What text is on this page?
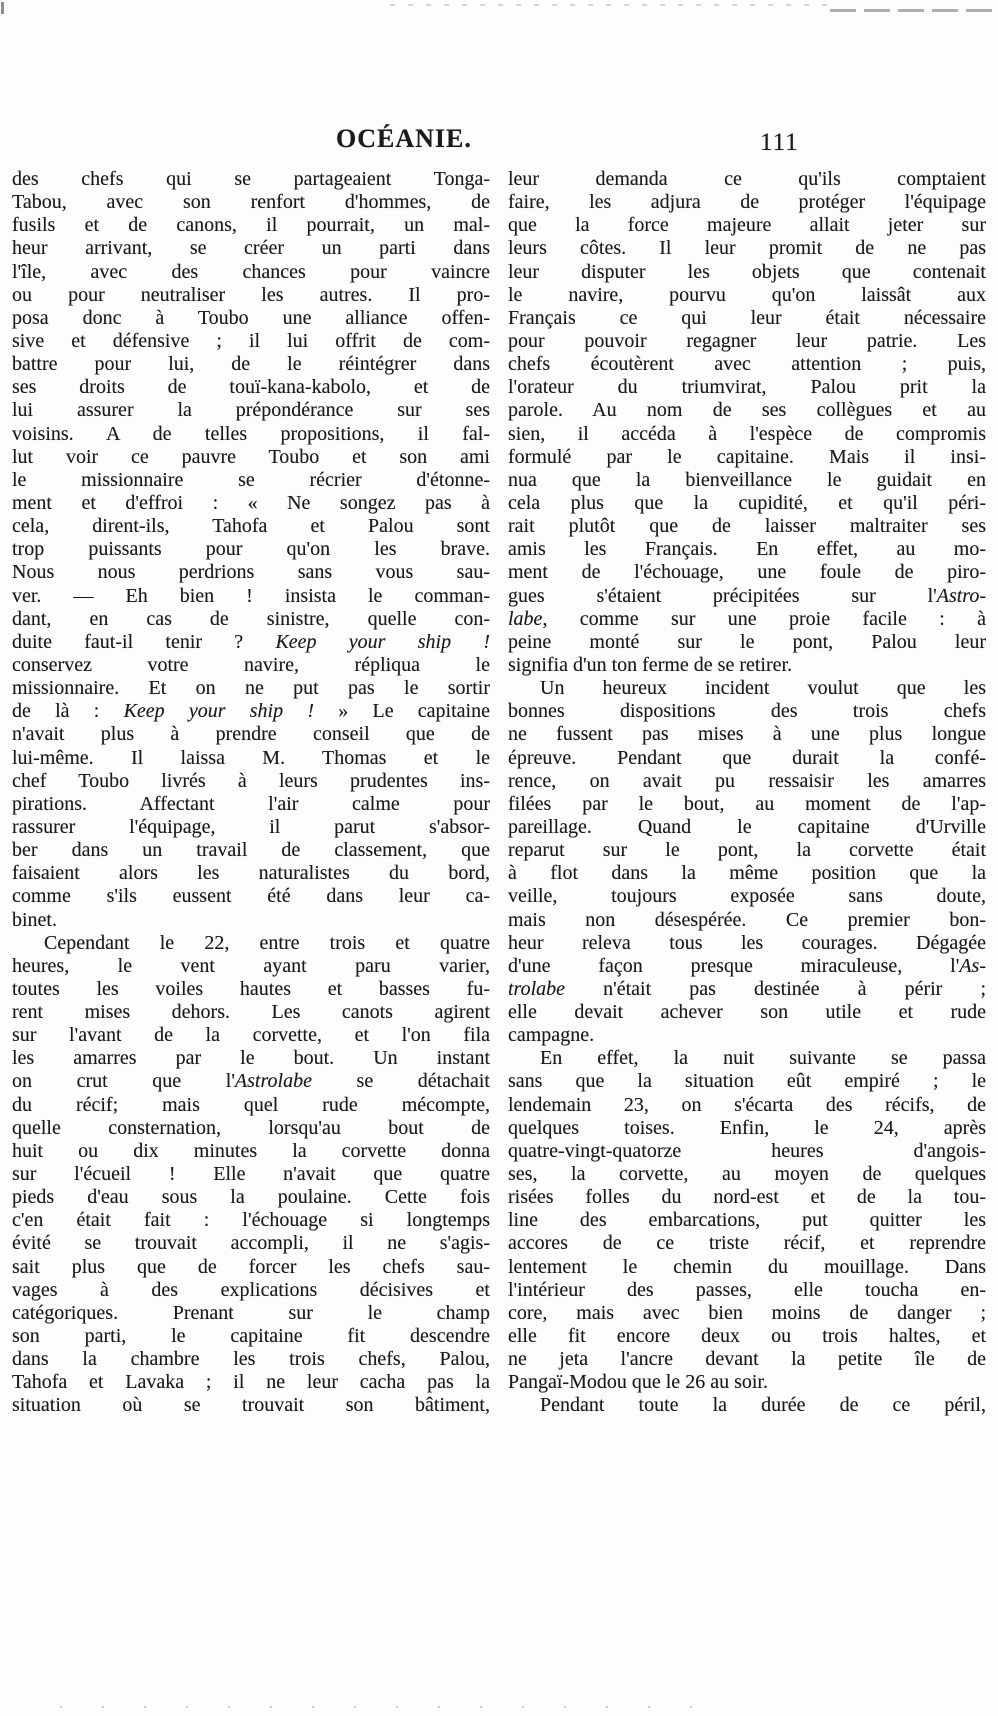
OCÉANIE.	111
des chefs qui se partageaient Tonga-
Tabou, avec son renfort d'hommes, de
fusils et de canons, il pourrait, un mal-
heur arrivant, se créer un parti dans
l'île, avec des chances pour vaincre
ou pour neutraliser les autres. Il pro-
posa donc à Toubo une alliance offen-
sive et défensive ; il lui offrit de com-
battre pour lui, de le réintégrer dans
ses droits de touï-kana-kabolo, et de
lui assurer la prépondérance sur ses
voisins. A de telles propositions, il fal-
lut voir ce pauvre Toubo et son ami
le missionnaire se récrier d'étonne-
ment et d'effroi : « Ne songez pas à
cela, dirent-ils, Tahofa et Palou sont
trop puissants pour qu'on les brave.
Nous nous perdrions sans vous sau-
ver. — Eh bien ! insista le comman-
dant, en cas de sinistre, quelle con-
duite faut-il tenir ? Keep your ship !
conservez votre navire, répliqua le
missionnaire. Et on ne put pas le sortir
de là : Keep your ship ! » Le capitaine
n'avait plus à prendre conseil que de
lui-même. Il laissa M. Thomas et le
chef Toubo livrés à leurs prudentes ins-
pirations. Affectant l'air calme pour
rassurer l'équipage, il parut s'absor-
ber dans un travail de classement, que
faisaient alors les naturalistes du bord,
comme s'ils eussent été dans leur ca-
binet.
Cependant le 22, entre trois et quatre
heures, le vent ayant paru varier,
toutes les voiles hautes et basses fu-
rent mises dehors. Les canots agirent
sur l'avant de la corvette, et l'on fila
les amarres par le bout. Un instant
on crut que l'Astrolabe se détachait
du récif; mais quel rude mécompte,
quelle consternation, lorsqu'au bout de
huit ou dix minutes la corvette donna
sur l'écueil ! Elle n'avait que quatre
pieds d'eau sous la poulaine. Cette fois
c'en était fait : l'échouage si longtemps
évité se trouvait accompli, il ne s'agis-
sait plus que de forcer les chefs sau-
vages à des explications décisives et
catégoriques. Prenant sur le champ
son parti, le capitaine fit descendre
dans la chambre les trois chefs, Palou,
Tahofa et Lavaka ; il ne leur cacha pas la
situation où se trouvait son bâtiment,
leur demanda ce qu'ils comptaient
faire, les adjura de protéger l'équipage
que la force majeure allait jeter sur
leurs côtes. Il leur promit de ne pas
leur disputer les objets que contenait
le navire, pourvu qu'on laissât aux
Français ce qui leur était nécessaire
pour pouvoir regagner leur patrie. Les
chefs écoutèrent avec attention ; puis,
l'orateur du triumvirat, Palou prit la
parole. Au nom de ses collègues et au
sien, il accéda à l'espèce de compromis
formulé par le capitaine. Mais il insi-
nua que la bienveillance le guidait en
cela plus que la cupidité, et qu'il péri-
rait plutôt que de laisser maltraiter ses
amis les Français. En effet, au mo-
ment de l'échouage, une foule de piro-
gues s'étaient précipitées sur l'Astro-
labe, comme sur une proie facile : à
peine monté sur le pont, Palou leur
signifia d'un ton ferme de se retirer.
Un heureux incident voulut que les
bonnes dispositions des trois chefs
ne fussent pas mises à une plus longue
épreuve. Pendant que durait la confé-
rence, on avait pu ressaisir les amarres
filées par le bout, au moment de l'ap-
pareillage. Quand le capitaine d'Urville
reparut sur le pont, la corvette était
à flot dans la même position que la
veille, toujours exposée sans doute,
mais non désespérée. Ce premier bon-
heur releva tous les courages. Dégagée
d'une façon presque miraculeuse, l'As-
trolabe n'était pas destinée à périr ;
elle devait achever son utile et rude
campagne.
En effet, la nuit suivante se passa
sans que la situation eût empiré ; le
lendemain 23, on s'écarta des récifs, de
quelques toises. Enfin, le 24, après
quatre-vingt-quatorze heures d'angois-
ses, la corvette, au moyen de quelques
risées folles du nord-est et de la tou-
line des embarcations, put quitter les
accores de ce triste récif, et reprendre
lentement le chemin du mouillage. Dans
l'intérieur des passes, elle toucha en-
core, mais avec bien moins de danger ;
elle fit encore deux ou trois haltes, et
ne jeta l'ancre devant la petite île de
Pangaï-Modou que le 26 au soir.
Pendant toute la durée de ce péril,
